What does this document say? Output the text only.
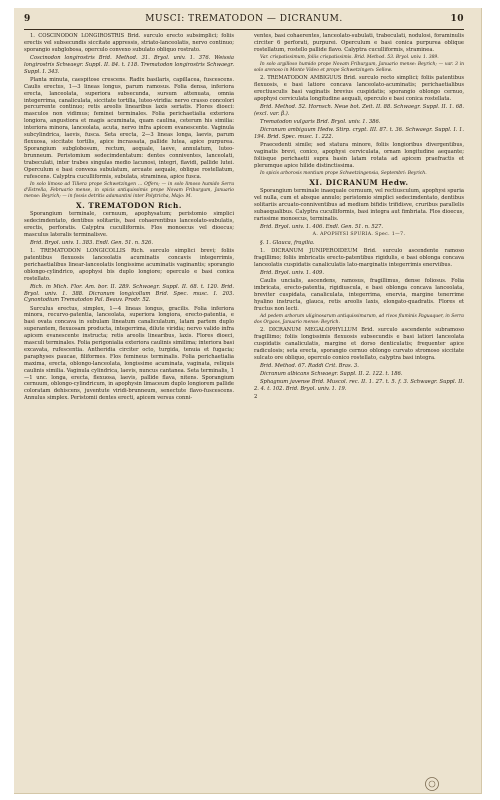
9	MUSCI: TREMATODON — DICRANUM.	10

1. COSCINODON LONGIROSTRIS Brid. surculo erecto subsimplici; foliis erectis vel subsecundis siccitate appressis, striato-lanceolatis, nervo continuo; sporangio subglobosa, operculo convexo subulato obliquo rostrato.

Coscinodon longirostris Brid. Method. 31. Bryol. univ. 1. 376. Weissia longirostris Schwaegr. Suppl. II. 84. t. 118. Trematodon longirostris Schwaegr. Suppl. I. 343.

Planta minuta, caespitose crescens. Radix basilaris, capillacea, fuscescens. Caulis erectus, 1—3 lineas longus, parum ramosus. Folia densa, inferiora erecta, lanceolata, superiora subsecunda, sursum attenuata, omnia integerrima, canaliculata, siccitate tortilia, luteo-viridia: nervo crasso concolori percurrente continuo; retis areolis linearibus laxis seriatis. Flores dioeci: masculos non vidimus; feminei terminales. Folia perichaetialia exteriora longiora, angustiora et magis acuminata, quam caulina, ceterum his similia: interiora minora, lanceolata, acuta, nervo infra apicem evanescente. Vaginula subcylindrica, laevis, fusca. Seta erecta, 2—3 lineas longa, laevis, parum flexuosa, siccitate tortilis, apice incrassata, pallide lutea, apice purpurea. Sporangium subglobosum, rectum, aequale, laeve, annulatum, luteo-brunneum. Peristomium sedecimdentatum: dentes conniventes, lanceolati, trabeculati, inter trabes singulas medio lacunosi, integri, flavidi, pallide lutei. Operculum e basi convexa subulatum, arcuate aequale, oblique rostellatum, rufescens. Calyptra cuculliformis, subulata, straminea, apice fusca.

In solo limoso ad Tiliera prope Schwetzingen ... Offers; — in solo limoso humido Serra d'Estrella, Februario mense, in spicis antiquissimis prope Novam Friburgum, Januario mense: Beyrich; — in fossis detritis adamantini inter Polytricha, Majo: M.

X. TREMATODON Rich.

Sporangium terminale, cernuum, apophysatum; peristomio simplici sedecimdentato, dentibus solitariis, basi cohaerentibus lanceolato-subulatis, erectis, perforatis. Calyptra cuculliformis. Flos monoecus vel dioecus; masculus lateralis terminalisve.

Brid. Bryol. univ. 1. 383. Endl. Gen. 51. n. 526.

1. TREMATODON LONGICOLLIS Rich. surculo simplici brevi; foliis patentibus flexuosis lanceolatis acuminatis concavis integerrimis, perichaetialibus linear-lanceolatis longissime acuminatis vaginantis; sporangio oblongo-cylindrico, apophysi bis duplo longiore; operculo e basi conica rostellato.

Rich. in Mich. Flor. Am. bor. II. 289. Schwaegr. Suppl. II. 68. t. 120. Brid. Bryol. univ. 1. 388. Dicranum longicollum Brid. Spec. musc. I. 203. Cynontodium Trematodon Pal. Beauv. Prodr. 52.

Surculus erectus, simplex, 1—4 lineas longus, gracilis. Folia inferiora minora, recurvo-patentia, lanceolata, superiora longiora, erecto-patentia, e basi ovata concava in subulam lineatum canaliculatum, latam partem duplo superantem, flexuosam producta, integerrima, dilute viridia; nervo valido infra apicem evanescente instructa; retis areolis linearibus, laxis. Flores dioeci, masculi terminales. Folia perigonialia exteriora caulinis similima; interiora basi excavata, rufescentia. Antheridia circiter octo, turgida, tenuia et fugacia; paraphyses paucae, filiformes. Flos femineus terminalis. Folia perichaetialia maxima, erecta, oblongo-lanceolata, longissime acuminata, vaginata, reliquis caulinis similia. Vaginula cylindrica, laevis, nuncus cantanea. Seta terminalis, 1—1 unc. longa, erecta, flexuosa, laevis, pallide flava, nitens. Sporangium cernuum, oblongo-cylindricum, in apophysin limaceum duplo longiorem pallide coloratam dehiscens, juventute viridi-brunneum, senectute flavo-fuscescens. Annulus simplex. Peristomii dentes erecti, apicem versus conni-

ventes, basi cohaerentes, lanceolato-subulati, trabeculati, nodulosi, foraminulis circiter 6 perforati, purpurei. Operculum e basi conica purpurea oblique rostellatum, rostello pallide flavo. Calyptra cuculliformis, straminea.

Var. crispatissimum, foliis crispatissimis. Brid. Method. 53. Bryol. univ. 1. 389.

In solo argilloso humido prope Novam Friburgum, Januario mense: Beyrich; — var. 3 in solo arenoso in Monte Video et prope Schwetzingen: Sellow.

2. TREMATODON AMBIGUUS Brid. surculo recto simplici; foliis patentibus flexuosis, e basi latiore concava lanceolato-acuminatis; perichaetialibus erectiusculis basi vaginatis brevius cuspidatis; sporangio oblongo cernuo, apophysi cerviculata longitudine aequali, operculo e basi conica rostellata.

Brid. Method. 52. Hornsch. Neue bot. Zeit. II. 88. Schwaegr. Suppl. II. 1. 68. (excl. var. β.).

Trematodon vulgaris Brid. Bryol. univ. 1. 386.

Dicranum ambiguum Hedw. Stirp. crypt. III. 87. t. 36. Schwaegr. Suppl. I. 1. 194. Brid. Spec. musc. 1. 222.

Praecedenti simile; sed statura minore, foliis longioribus divergentibus, vaginatis brevi, conico, apophysi cerviculata, ornam longitudine aequante; foliisque perichaetii supra basin latam rotata ad apicem praefractis et plerumque apice hilide distinctissima.

In spicis arborosis montium prope Schwetzingensia, Septembri: Beyrich.

XI. DICRANUM Hedw.

Sporangium terminale inaequale cernuum, vel rectiusculum, apophysi spuria vel nulla, cum et absque annulo; peristomio simplici sedecimdentato, dentibus solitariis arcuato-conniventibus ad medium bifidis trifidisve, cruribus parallelis subaequalibus. Calyptra cuculliformis, basi integra aut fimbriata. Flos dioecus, rarissime monoecus, terminalis.

Brid. Bryol. univ. 1. 406. Endl. Gen. 51. n. 527.

A. APOPHYSI SPURIA. Spec. 1—7.

§. 1. Glauca, fragilia.

1. DICRANUM JUNIPEROIDEUM Brid. surculo ascendente ramoso fragillimo; foliis imbricatis erecto-patentibus rigidulis, e basi oblonga concava lanceolatis cuspidatis canaliculatis lato-marginatis integerrimis enerviibus.

Brid. Bryol. univ. 1. 409.

Caulis uncialis, ascendens, ramosus, fragillimus, dense foliosus. Folia imbricata, erecto-patentia, rigidiuscula, e basi oblonga concava lanceolata, breviter cuspidata, canaliculata, integerrima, enervia, margine tenerrime hyalino instructa, glauca, retis areolis laxis, elongato-quadratis. Flores et fructus non lecti.

Ad pedem arborum uliginosarum antiquissimarum, ad rivos fluminis Paguaquer, in Serra dos Orgaos, Januario mense: Beyrich.

2. DICRANUM MEGALOPHYLLUM Brid. surculo ascendente subramoso fragillimo; foliis longissimis flexuosis subsecundis e basi latiori lanceolata cuspidatis canaliculatis, margine et dorso denticulatis; frequenter apice radiculosis; seta erecta, sporangio cernuo oblongo curvato stromoso siccitate sulcato ore obliquo, operculo conico rostellato, calyptra basi integra.

Brid. Method. 67. Raddi Crit. Bras. 3.

Dicranum albicans Schwaegr. Suppl. II. 2. 122. t. 186.

Sphagnum javense Brid. Muscol. rec. II. 1. 27. t. 5. f. 3. Schwaegr. Suppl. II. 2. 4. t. 102. Brid. Bryol. univ. 1. 19.

2
